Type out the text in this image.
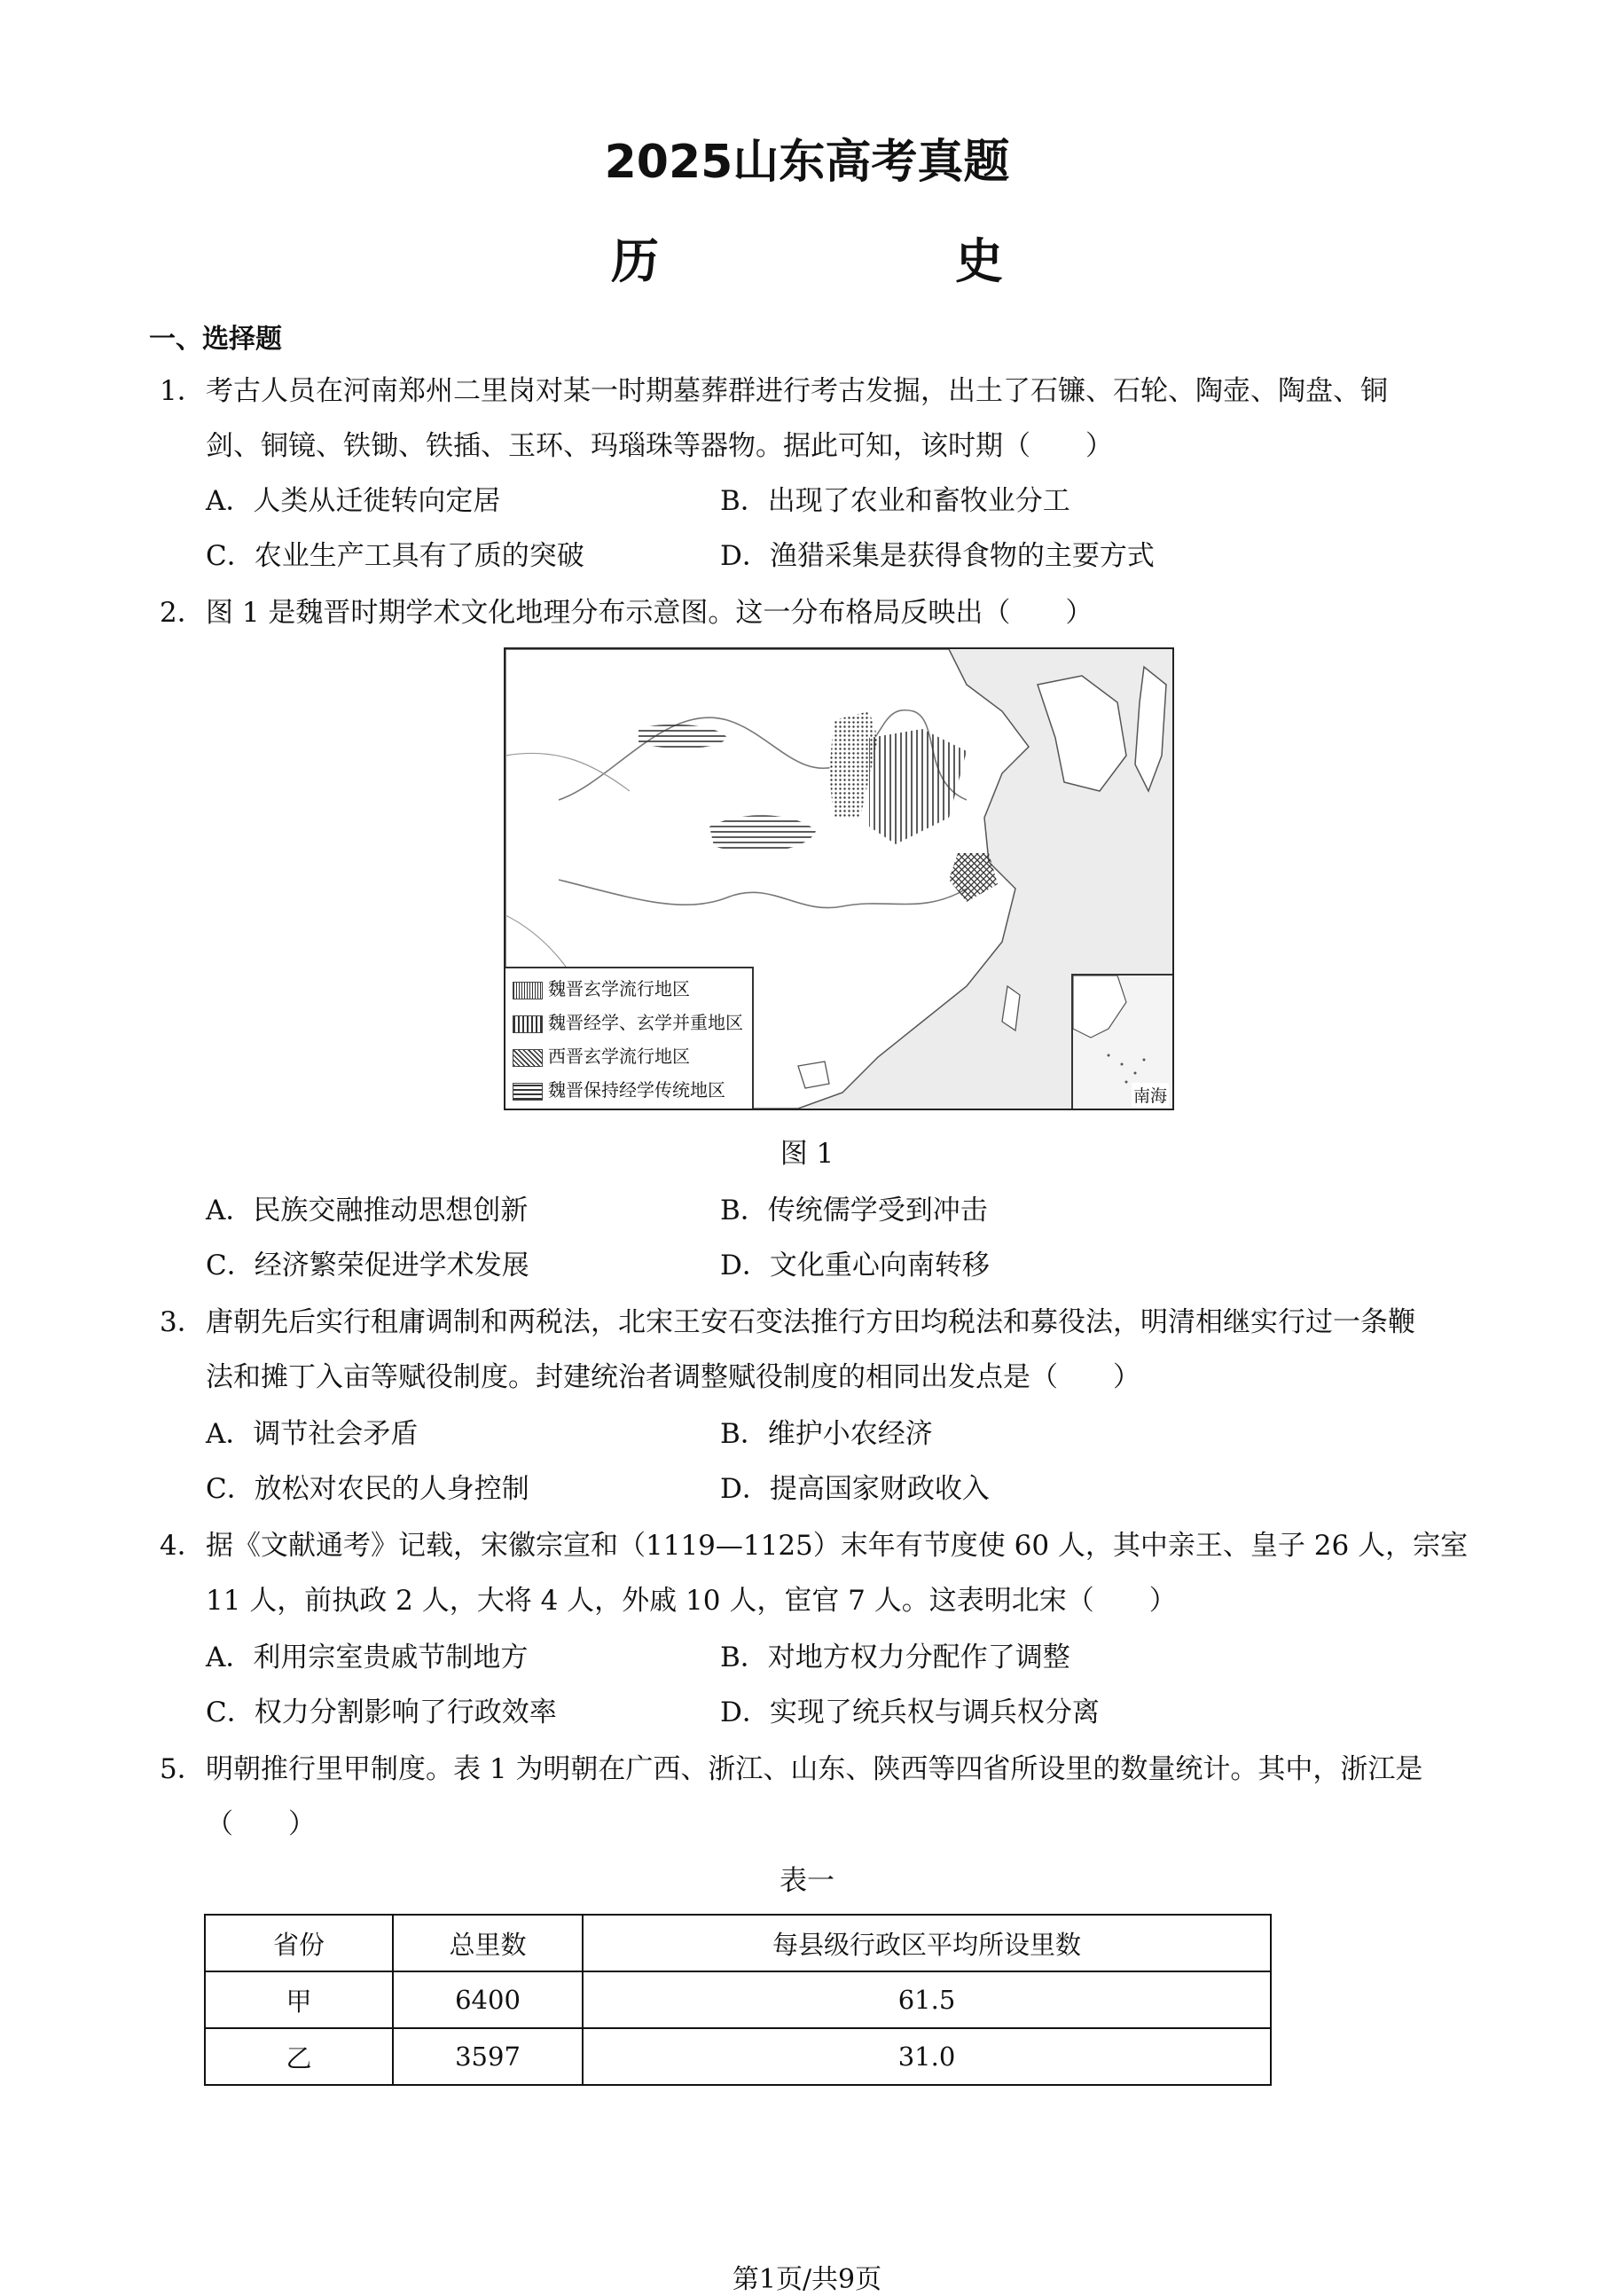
2025山东高考真题
历　史
一、选择题
1．考古人员在河南郑州二里岗对某一时期墓葬群进行考古发掘，出土了石镰、石轮、陶壶、陶盘、铜
剑、铜镜、铁锄、铁插、玉环、玛瑙珠等器物。据此可知，该时期（　　）
A．人类从迁徙转向定居	B．出现了农业和畜牧业分工
C．农业生产工具有了质的突破	D．渔猎采集是获得食物的主要方式
2．图 1 是魏晋时期学术文化地理分布示意图。这一分布格局反映出（　　）
魏晋玄学流行地区
魏晋经学、玄学并重地区
西晋玄学流行地区
魏晋保持经学传统地区	南海
图 1
A．民族交融推动思想创新	B．传统儒学受到冲击
C．经济繁荣促进学术发展	D．文化重心向南转移
3．唐朝先后实行租庸调制和两税法，北宋王安石变法推行方田均税法和募役法，明清相继实行过一条鞭
法和摊丁入亩等赋役制度。封建统治者调整赋役制度的相同出发点是（　　）
A．调节社会矛盾	B．维护小农经济
C．放松对农民的人身控制	D．提高国家财政收入
4．据《文献通考》记载，宋徽宗宣和（1119—1125）末年有节度使 60 人，其中亲王、皇子 26 人，宗室
11 人，前执政 2 人，大将 4 人，外戚 10 人，宦官 7 人。这表明北宋（　　）
A．利用宗室贵戚节制地方	B．对地方权力分配作了调整
C．权力分割影响了行政效率	D．实现了统兵权与调兵权分离
5．明朝推行里甲制度。表 1 为明朝在广西、浙江、山东、陕西等四省所设里的数量统计。其中，浙江是
（　　）
表一
省份	总里数	每县级行政区平均所设里数
甲	6400	61.5
乙	3597	31.0
第1页/共9页
